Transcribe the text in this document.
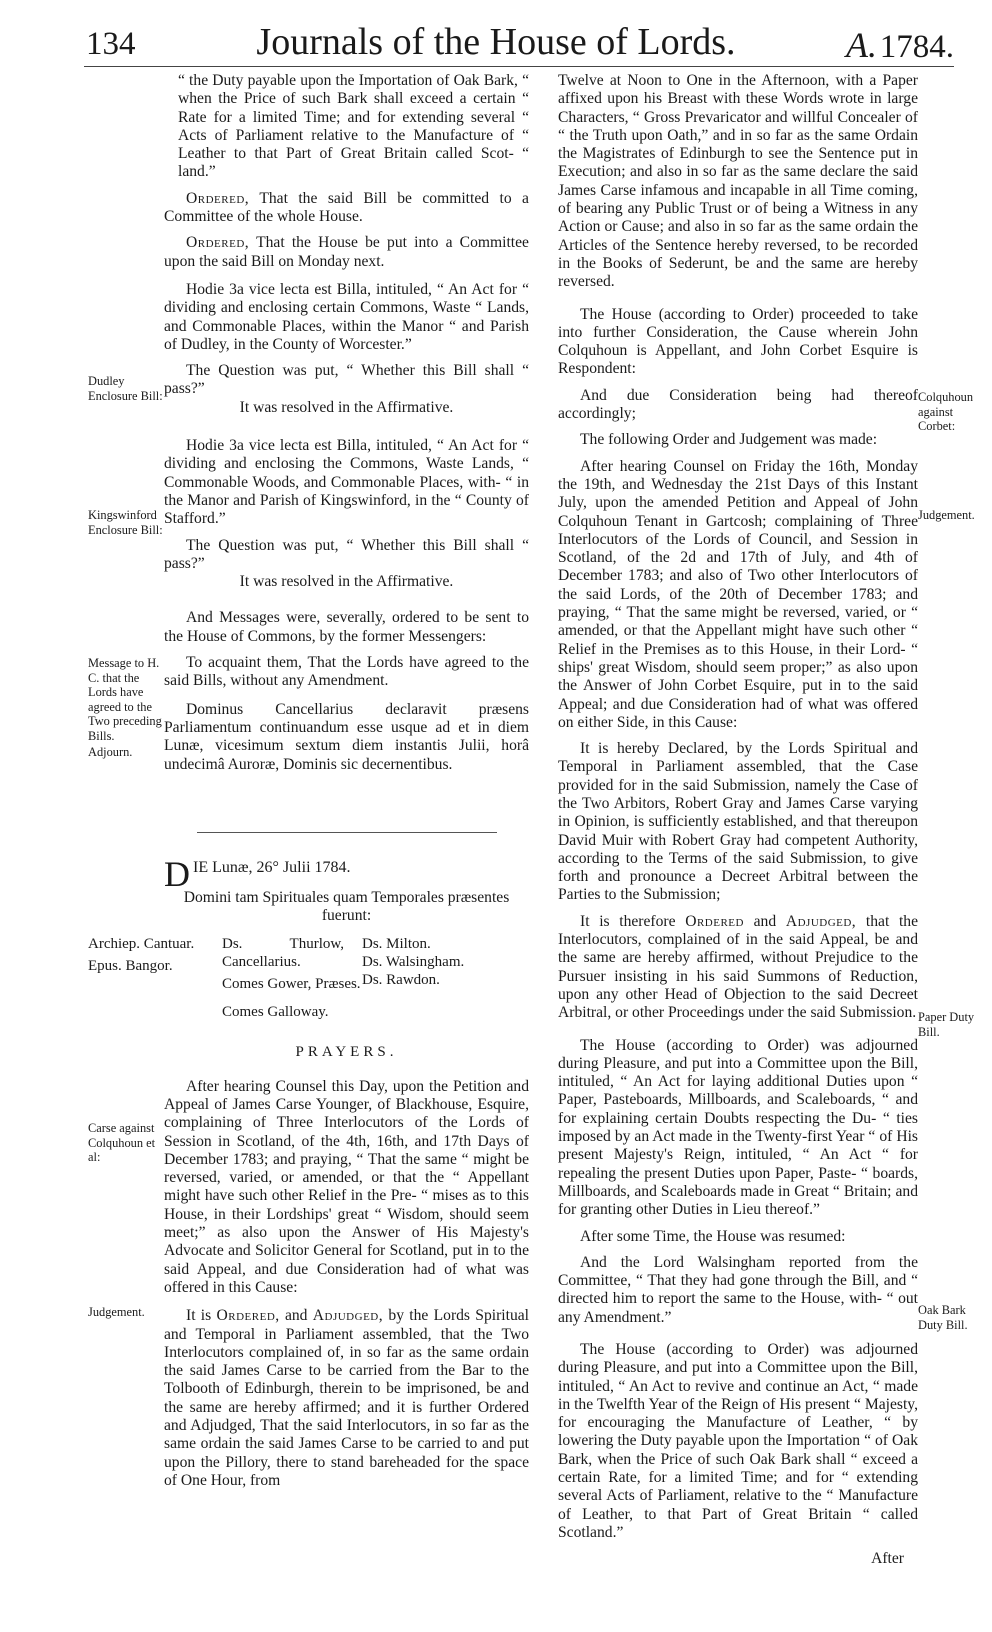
134	Journals of the House of Lords.	A. 1784.
Dudley Enclosure Bill:
Kingswinford Enclosure Bill:
Message to H. C. that the Lords have agreed to the Two preceding Bills.
Adjourn.
Carse against Colquhoun et al:
Judgement.
Colquhoun against Corbet:
Judgement.
Paper Duty Bill.
Oak Bark Duty Bill.

“ the Duty payable upon the Importation of Oak Bark, “ when the Price of such Bark shall exceed a certain “ Rate for a limited Time; and for extending several “ Acts of Parliament relative to the Manufacture of “ Leather to that Part of Great Britain called Scot- “ land.”

Ordered, That the said Bill be committed to a Committee of the whole House.

Ordered, That the House be put into a Committee upon the said Bill on Monday next.

Hodie 3a vice lecta est Billa, intituled, “ An Act for “ dividing and enclosing certain Commons, Waste “ Lands, and Commonable Places, within the Manor “ and Parish of Dudley, in the County of Worcester.”

The Question was put, “ Whether this Bill shall “ pass?”

It was resolved in the Affirmative.

Hodie 3a vice lecta est Billa, intituled, “ An Act for “ dividing and enclosing the Commons, Waste Lands, “ Commonable Woods, and Commonable Places, with- “ in the Manor and Parish of Kingswinford, in the “ County of Stafford.”

The Question was put, “ Whether this Bill shall “ pass?”

It was resolved in the Affirmative.

And Messages were, severally, ordered to be sent to the House of Commons, by the former Messengers:

To acquaint them, That the Lords have agreed to the said Bills, without any Amendment.

Dominus Cancellarius declaravit præsens Parliamentum continuandum esse usque ad et in diem Lunæ, vicesimum sextum diem instantis Julii, horâ undecimâ Auroræ, Dominis sic decernentibus.

DIE Lunæ, 26° Julii 1784.

Domini tam Spirituales quam Temporales præsentes fuerunt:

Archiep. Cantuar.
Epus. Bangor.
Ds. Thurlow, Cancellarius.
Comes Gower, Præses.
Comes Galloway.
Ds. Milton.
Ds. Walsingham.
Ds. Rawdon.
PRAYERS.

After hearing Counsel this Day, upon the Petition and Appeal of James Carse Younger, of Blackhouse, Esquire, complaining of Three Interlocutors of the Lords of Session in Scotland, of the 4th, 16th, and 17th Days of December 1783; and praying, “ That the same “ might be reversed, varied, or amended, or that the “ Appellant might have such other Relief in the Pre- “ mises as to this House, in their Lordships' great “ Wisdom, should seem meet;” as also upon the Answer of His Majesty's Advocate and Solicitor General for Scotland, put in to the said Appeal, and due Consideration had of what was offered in this Cause:

It is Ordered, and Adjudged, by the Lords Spiritual and Temporal in Parliament assembled, that the Two Interlocutors complained of, in so far as the same ordain the said James Carse to be carried from the Bar to the Tolbooth of Edinburgh, therein to be imprisoned, be and the same are hereby affirmed; and it is further Ordered and Adjudged, That the said Interlocutors, in so far as the same ordain the said James Carse to be carried to and put upon the Pillory, there to stand bareheaded for the space of One Hour, from

Twelve at Noon to One in the Afternoon, with a Paper affixed upon his Breast with these Words wrote in large Characters, “ Gross Prevaricator and willful Concealer of “ the Truth upon Oath,” and in so far as the same Ordain the Magistrates of Edinburgh to see the Sentence put in Execution; and also in so far as the same declare the said James Carse infamous and incapable in all Time coming, of bearing any Public Trust or of being a Witness in any Action or Cause; and also in so far as the same ordain the Articles of the Sentence hereby reversed, to be recorded in the Books of Sederunt, be and the same are hereby reversed.

The House (according to Order) proceeded to take into further Consideration, the Cause wherein John Colquhoun is Appellant, and John Corbet Esquire is Respondent:

And due Consideration being had thereof accordingly;

The following Order and Judgement was made:

After hearing Counsel on Friday the 16th, Monday the 19th, and Wednesday the 21st Days of this Instant July, upon the amended Petition and Appeal of John Colquhoun Tenant in Gartcosh; complaining of Three Interlocutors of the Lords of Council, and Session in Scotland, of the 2d and 17th of July, and 4th of December 1783; and also of Two other Interlocutors of the said Lords, of the 20th of December 1783; and praying, “ That the same might be reversed, varied, or “ amended, or that the Appellant might have such other “ Relief in the Premises as to this House, in their Lord- “ ships' great Wisdom, should seem proper;” as also upon the Answer of John Corbet Esquire, put in to the said Appeal; and due Consideration had of what was offered on either Side, in this Cause:

It is hereby Declared, by the Lords Spiritual and Temporal in Parliament assembled, that the Case provided for in the said Submission, namely the Case of the Two Arbitors, Robert Gray and James Carse varying in Opinion, is sufficiently established, and that thereupon David Muir with Robert Gray had competent Authority, according to the Terms of the said Submission, to give forth and pronounce a Decreet Arbitral between the Parties to the Submission;

It is therefore Ordered and Adjudged, that the Interlocutors, complained of in the said Appeal, be and the same are hereby affirmed, without Prejudice to the Pursuer insisting in his said Summons of Reduction, upon any other Head of Objection to the said Decreet Arbitral, or other Proceedings under the said Submission.

The House (according to Order) was adjourned during Pleasure, and put into a Committee upon the Bill, intituled, “ An Act for laying additional Duties upon “ Paper, Pasteboards, Millboards, and Scaleboards, “ and for explaining certain Doubts respecting the Du- “ ties imposed by an Act made in the Twenty-first Year “ of His present Majesty's Reign, intituled, “ An Act “ for repealing the present Duties upon Paper, Paste- “ boards, Millboards, and Scaleboards made in Great “ Britain; and for granting other Duties in Lieu thereof.”

After some Time, the House was resumed:

And the Lord Walsingham reported from the Committee, “ That they had gone through the Bill, and “ directed him to report the same to the House, with- “ out any Amendment.”

The House (according to Order) was adjourned during Pleasure, and put into a Committee upon the Bill, intituled, “ An Act to revive and continue an Act, “ made in the Twelfth Year of the Reign of His present “ Majesty, for encouraging the Manufacture of Leather, “ by lowering the Duty payable upon the Importation “ of Oak Bark, when the Price of such Oak Bark shall “ exceed a certain Rate, for a limited Time; and for “ extending several Acts of Parliament, relative to the “ Manufacture of Leather, to that Part of Great Britain “ called Scotland.”

After
